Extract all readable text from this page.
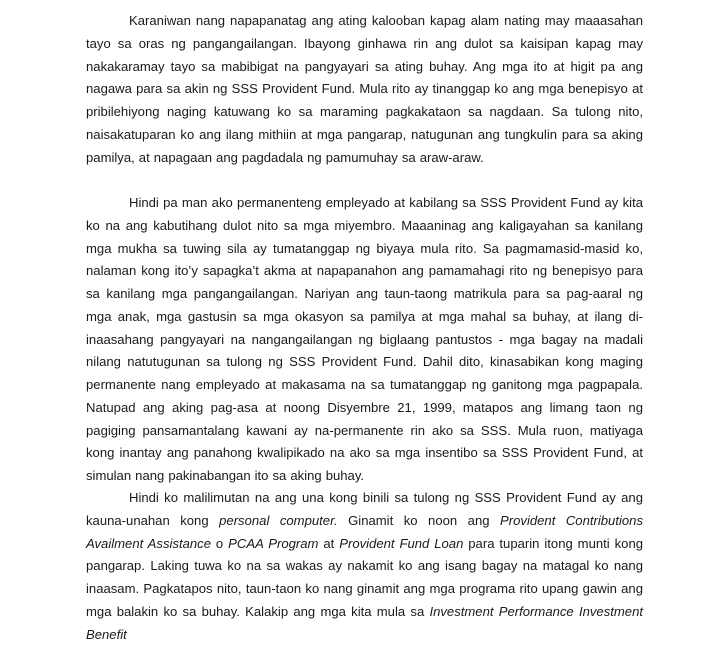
Karaniwan nang napapanatag ang ating kalooban kapag alam nating may maaasahan tayo sa oras ng pangangailangan. Ibayong ginhawa rin ang dulot sa kaisipan kapag may nakakaramay tayo sa mabibigat na pangyayari sa ating buhay. Ang mga ito at higit pa ang nagawa para sa akin ng SSS Provident Fund. Mula rito ay tinanggap ko ang mga benepisyo at pribilehiyong naging katuwang ko sa maraming pagkakataon sa nagdaan. Sa tulong nito, naisakatuparan ko ang ilang mithiin at mga pangarap, natugunan ang tungkulin para sa aking pamilya, at napagaan ang pagdadala ng pamumuhay sa araw-araw.

Hindi pa man ako permanenteng empleyado at kabilang sa SSS Provident Fund ay kita ko na ang kabutihang dulot nito sa mga miyembro. Maaaninag ang kaligayahan sa kanilang mga mukha sa tuwing sila ay tumatanggap ng biyaya mula rito. Sa pagmamasid-masid ko, nalaman kong ito’y sapagka’t akma at napapanahon ang pamamahagi rito ng benepisyo para sa kanilang mga pangangailangan. Nariyan ang taun-taong matrikula para sa pag-aaral ng mga anak, mga gastusin sa mga okasyon sa pamilya at mga mahal sa buhay, at ilang di-inaasahang pangyayari na nangangailangan ng biglaang pantustos - mga bagay na madali nilang natutugunan sa tulong ng SSS Provident Fund. Dahil dito, kinasabikan kong maging permanente nang empleyado at makasama na sa tumatanggap ng ganitong mga pagpapala. Natupad ang aking pag-asa at noong Disyembre 21, 1999, matapos ang limang taon ng pagiging pansamantalang kawani ay na-permanente rin ako sa SSS. Mula ruon, matiyaga kong inantay ang panahong kwalipikado na ako sa mga insentibo sa SSS Provident Fund, at simulan nang pakinabangan ito sa aking buhay.

Hindi ko malilimutan na ang una kong binili sa tulong ng SSS Provident Fund ay ang kauna-unahan kong personal computer. Ginamit ko noon ang Provident Contributions Availment Assistance o PCAA Program at Provident Fund Loan para tuparin itong munti kong pangarap. Laking tuwa ko na sa wakas ay nakamit ko ang isang bagay na matagal ko nang inaasam. Pagkatapos nito, taun-taon ko nang ginamit ang mga programa rito upang gawin ang mga balakin ko sa buhay. Kalakip ang mga kita mula sa Investment Performance Investment Benefit
